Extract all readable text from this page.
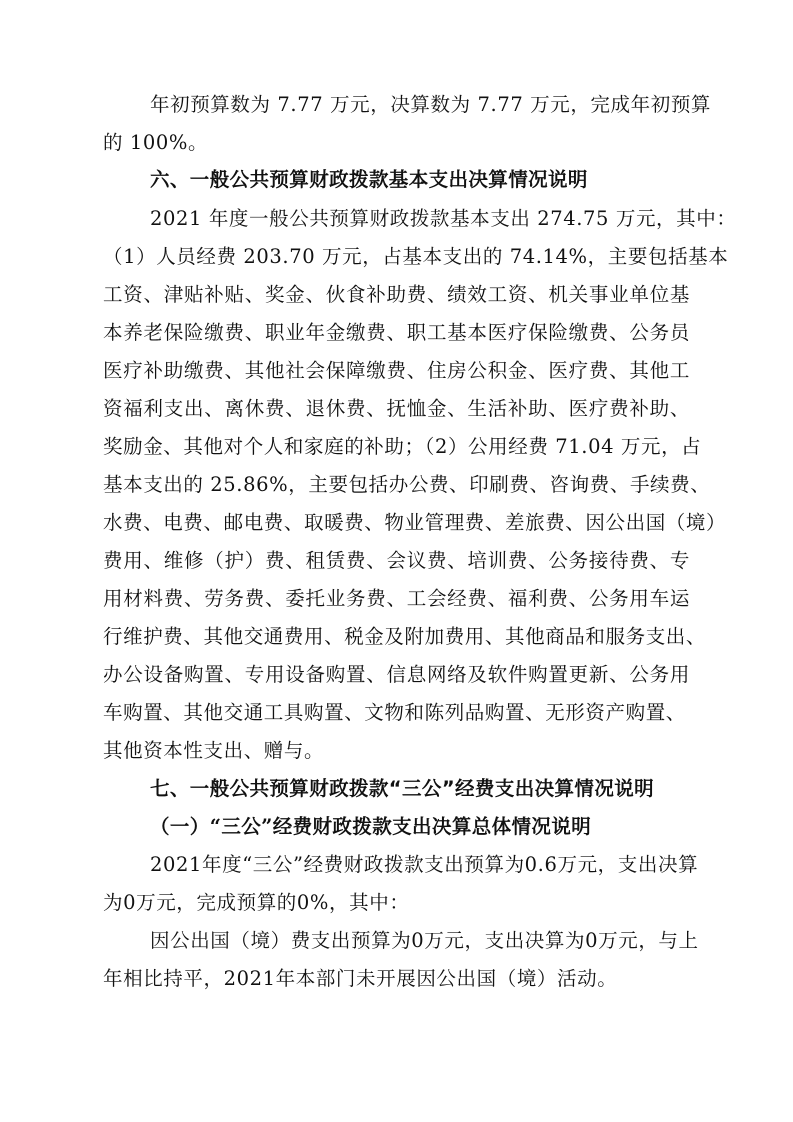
年初预算数为 7.77 万元，决算数为 7.77 万元，完成年初预算

的 100%。

六、一般公共预算财政拨款基本支出决算情况说明

2021 年度一般公共预算财政拨款基本支出 274.75 万元，其中：

（1）人员经费 203.70 万元，占基本支出的 74.14%，主要包括基本

工资、津贴补贴、奖金、伙食补助费、绩效工资、机关事业单位基

本养老保险缴费、职业年金缴费、职工基本医疗保险缴费、公务员

医疗补助缴费、其他社会保障缴费、住房公积金、医疗费、其他工

资福利支出、离休费、退休费、抚恤金、生活补助、医疗费补助、

奖励金、其他对个人和家庭的补助；（2）公用经费 71.04 万元，占

基本支出的 25.86%，主要包括办公费、印刷费、咨询费、手续费、

水费、电费、邮电费、取暖费、物业管理费、差旅费、因公出国（境）

费用、维修（护）费、租赁费、会议费、培训费、公务接待费、专

用材料费、劳务费、委托业务费、工会经费、福利费、公务用车运

行维护费、其他交通费用、税金及附加费用、其他商品和服务支出、

办公设备购置、专用设备购置、信息网络及软件购置更新、公务用

车购置、其他交通工具购置、文物和陈列品购置、无形资产购置、

其他资本性支出、赠与。

七、一般公共预算财政拨款“三公”经费支出决算情况说明

（一）“三公”经费财政拨款支出决算总体情况说明

2021年度“三公”经费财政拨款支出预算为0.6万元，支出决算

为0万元，完成预算的0%，其中：

因公出国（境）费支出预算为0万元，支出决算为0万元，与上

年相比持平，2021年本部门未开展因公出国（境）活动。
